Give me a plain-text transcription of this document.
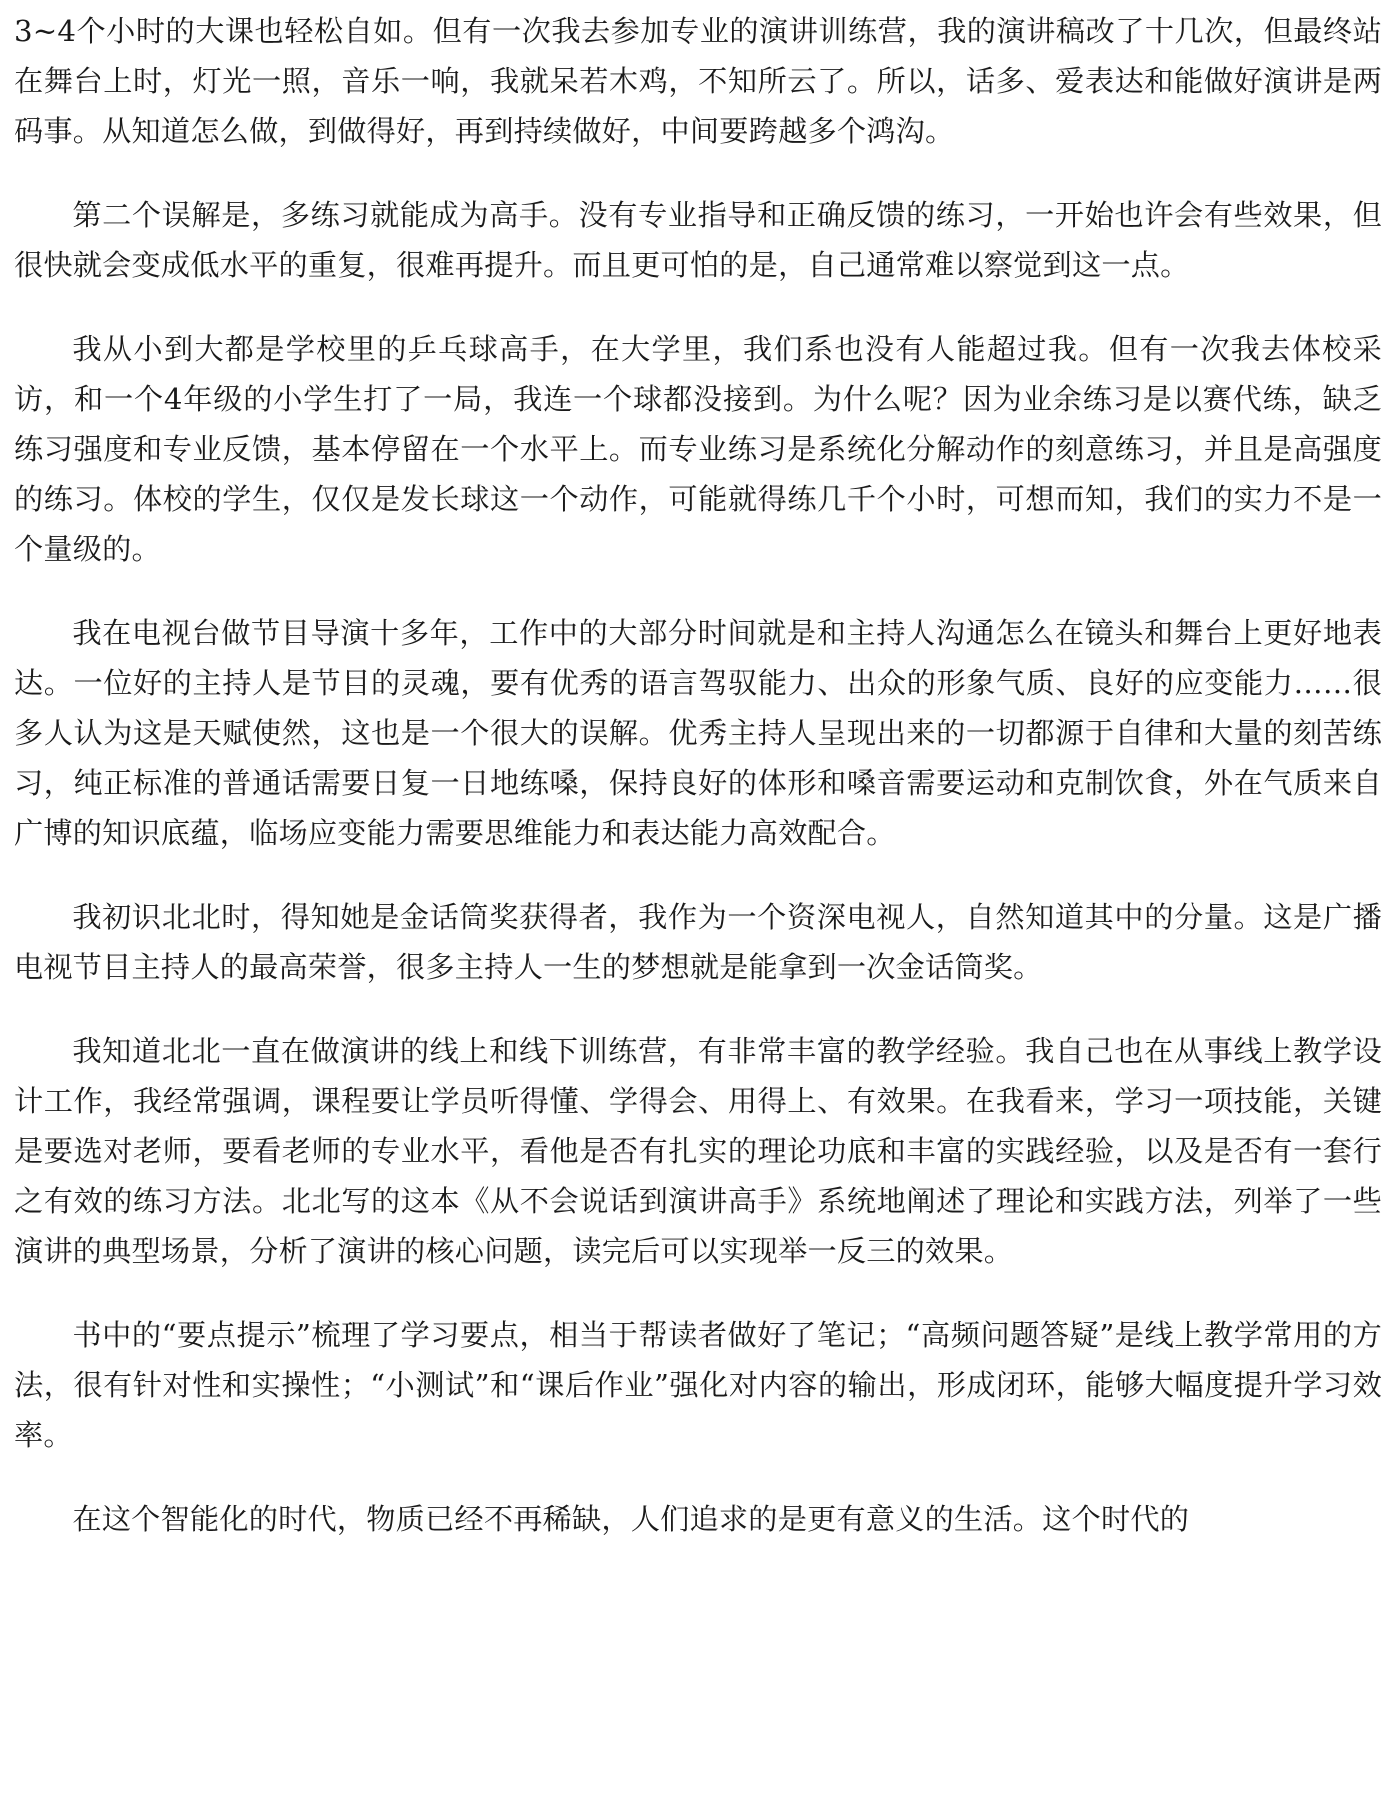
3~4个小时的大课也轻松自如。但有一次我去参加专业的演讲训练营，我的演讲稿改了十几次，但最终站在舞台上时，灯光一照，音乐一响，我就呆若木鸡，不知所云了。所以，话多、爱表达和能做好演讲是两码事。从知道怎么做，到做得好，再到持续做好，中间要跨越多个鸿沟。

第二个误解是，多练习就能成为高手。没有专业指导和正确反馈的练习，一开始也许会有些效果，但很快就会变成低水平的重复，很难再提升。而且更可怕的是，自己通常难以察觉到这一点。

我从小到大都是学校里的乒乓球高手，在大学里，我们系也没有人能超过我。但有一次我去体校采访，和一个4年级的小学生打了一局，我连一个球都没接到。为什么呢？因为业余练习是以赛代练，缺乏练习强度和专业反馈，基本停留在一个水平上。而专业练习是系统化分解动作的刻意练习，并且是高强度的练习。体校的学生，仅仅是发长球这一个动作，可能就得练几千个小时，可想而知，我们的实力不是一个量级的。

我在电视台做节目导演十多年，工作中的大部分时间就是和主持人沟通怎么在镜头和舞台上更好地表达。一位好的主持人是节目的灵魂，要有优秀的语言驾驭能力、出众的形象气质、良好的应变能力……很多人认为这是天赋使然，这也是一个很大的误解。优秀主持人呈现出来的一切都源于自律和大量的刻苦练习，纯正标准的普通话需要日复一日地练嗓，保持良好的体形和嗓音需要运动和克制饮食，外在气质来自广博的知识底蕴，临场应变能力需要思维能力和表达能力高效配合。

我初识北北时，得知她是金话筒奖获得者，我作为一个资深电视人，自然知道其中的分量。这是广播电视节目主持人的最高荣誉，很多主持人一生的梦想就是能拿到一次金话筒奖。

我知道北北一直在做演讲的线上和线下训练营，有非常丰富的教学经验。我自己也在从事线上教学设计工作，我经常强调，课程要让学员听得懂、学得会、用得上、有效果。在我看来，学习一项技能，关键是要选对老师，要看老师的专业水平，看他是否有扎实的理论功底和丰富的实践经验，以及是否有一套行之有效的练习方法。北北写的这本《从不会说话到演讲高手》系统地阐述了理论和实践方法，列举了一些演讲的典型场景，分析了演讲的核心问题，读完后可以实现举一反三的效果。

书中的“要点提示”梳理了学习要点，相当于帮读者做好了笔记；“高频问题答疑”是线上教学常用的方法，很有针对性和实操性；“小测试”和“课后作业”强化对内容的输出，形成闭环，能够大幅度提升学习效率。

在这个智能化的时代，物质已经不再稀缺，人们追求的是更有意义的生活。这个时代的
